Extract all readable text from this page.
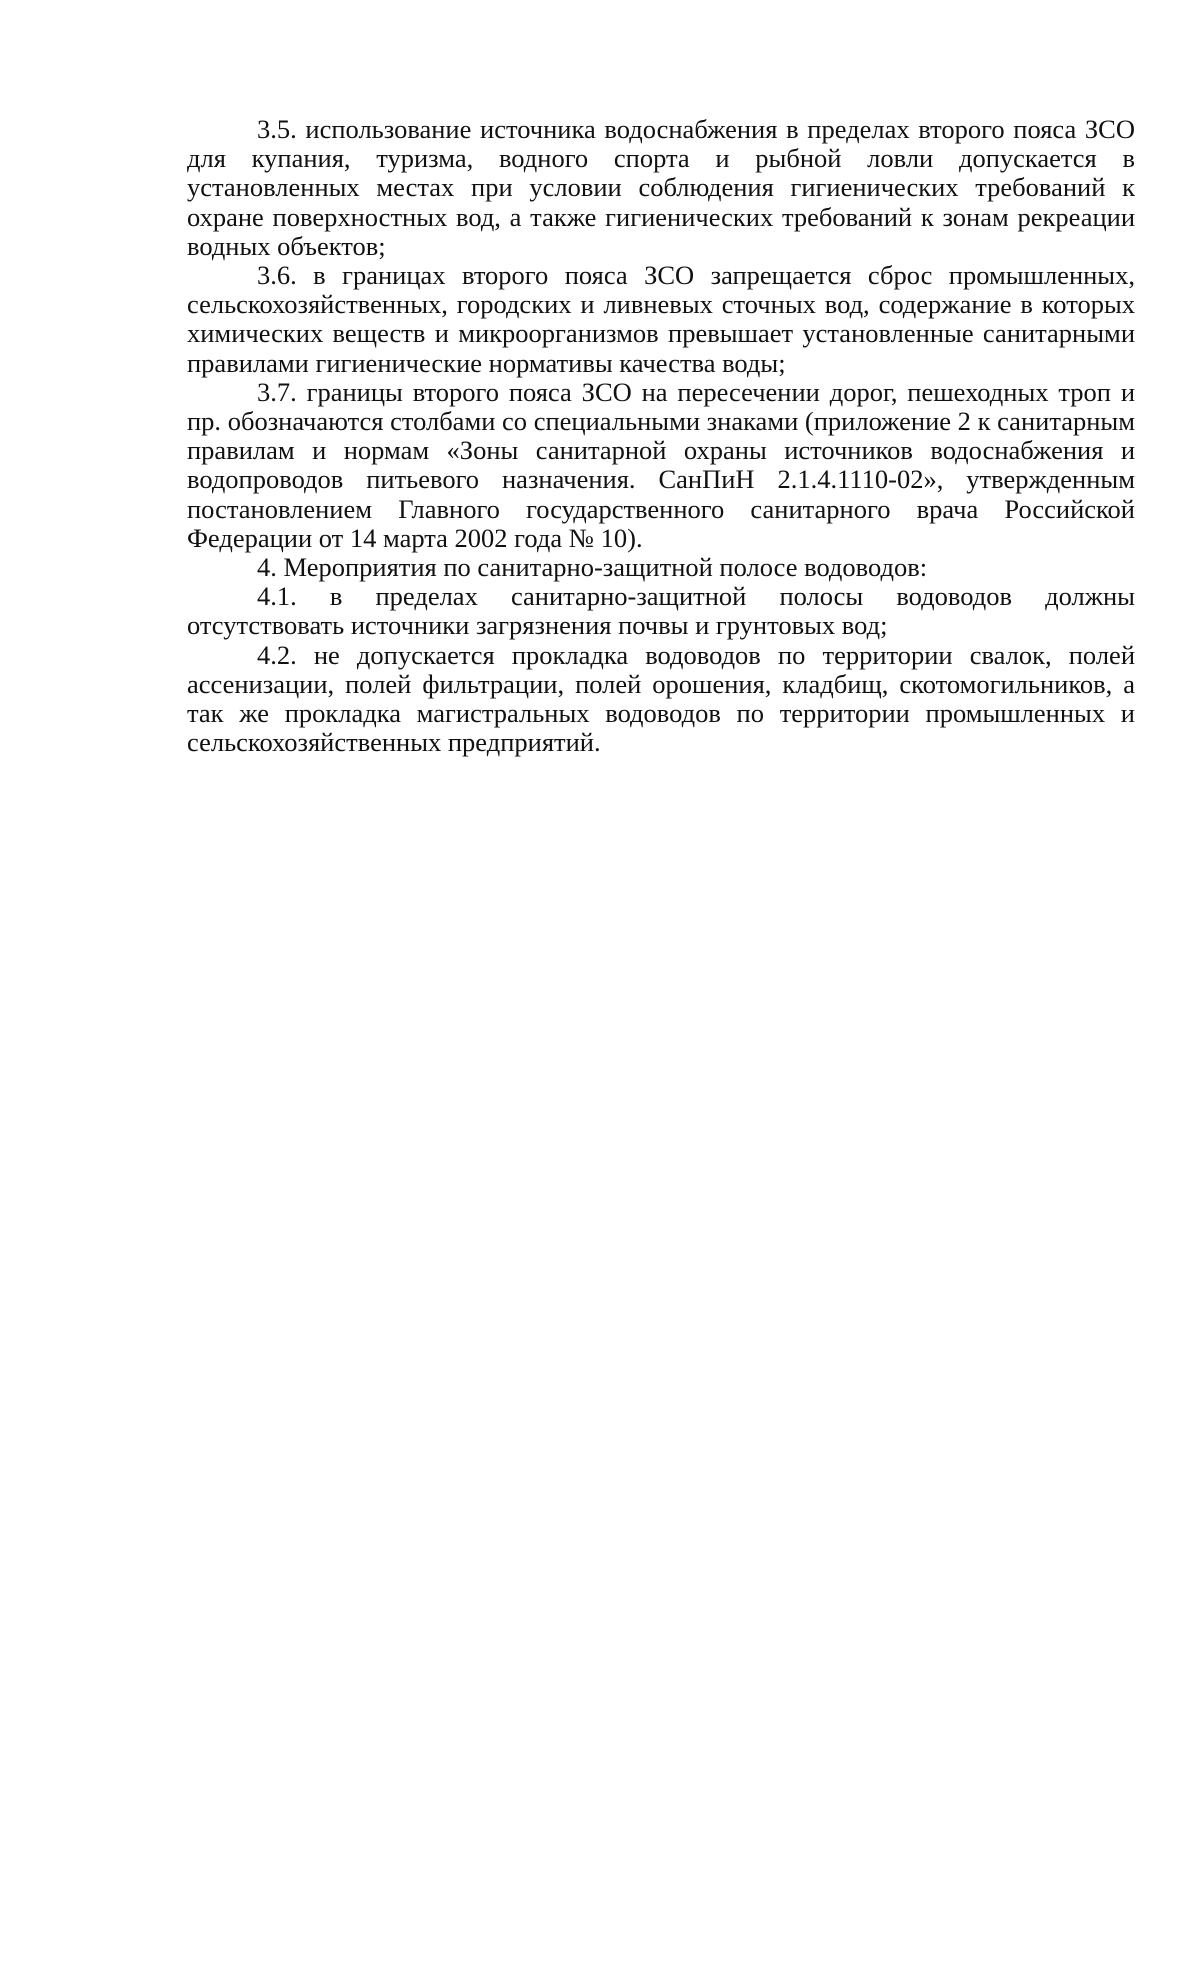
3.5. использование источника водоснабжения в пределах второго пояса ЗСО для купания, туризма, водного спорта и рыбной ловли допускается в установленных местах при условии соблюдения гигиенических требований к охране поверхностных вод, а также гигиенических требований к зонам рекреации водных объектов;

3.6. в границах второго пояса ЗСО запрещается сброс промышленных, сельскохозяйственных, городских и ливневых сточных вод, содержание в которых химических веществ и микроорганизмов превышает установленные санитарными правилами гигиенические нормативы качества воды;

3.7. границы второго пояса ЗСО на пересечении дорог, пешеходных троп и пр. обозначаются столбами со специальными знаками (приложение 2 к санитарным правилам и нормам «Зоны санитарной охраны источников водоснабжения и водопроводов питьевого назначения. СанПиН 2.1.4.1110-02», утвержденным постановлением Главного государственного санитарного врача Российской Федерации от 14 марта 2002 года № 10).

4. Мероприятия по санитарно-защитной полосе водоводов:

4.1. в пределах санитарно-защитной полосы водоводов должны отсутствовать источники загрязнения почвы и грунтовых вод;

4.2. не допускается прокладка водоводов по территории свалок, полей ассенизации, полей фильтрации, полей орошения, кладбищ, скотомогильников, а так же прокладка магистральных водоводов по территории промышленных и сельскохозяйственных предприятий.
